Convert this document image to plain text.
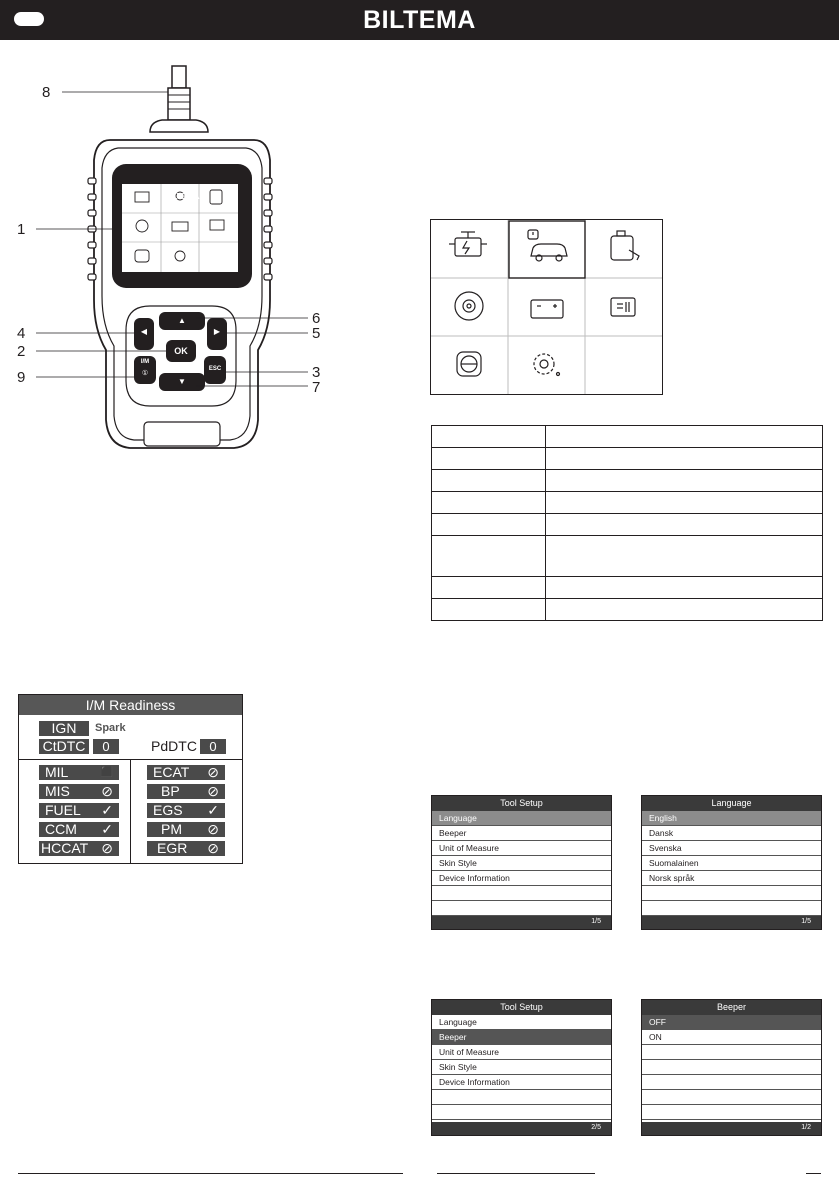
BILTEMA
BILTEMA
▲
▼
◀	▶
OK
ESC
I/M
①
8
1
6
4	5
2
9	3
7

I/M Readiness
IGN	Spark
CtDTC	0	PdDTC 0
MIL	⬛
MIS ⊘
FUEL ✓
CCM ✓
HCCAT ⊘
ECAT ⊘
BP ⊘
EGS ✓
PM ⊘
EGR ⊘
Tool Setup
Language
Beeper
Unit of Measure
Skin Style
Device Information
1/5
Language
English
Dansk
Svenska
Suomalainen
Norsk språk
1/5
Tool Setup
Language
Beeper
Unit of Measure
Skin Style
Device Information
2/5
Beeper
OFF
ON
1/2
